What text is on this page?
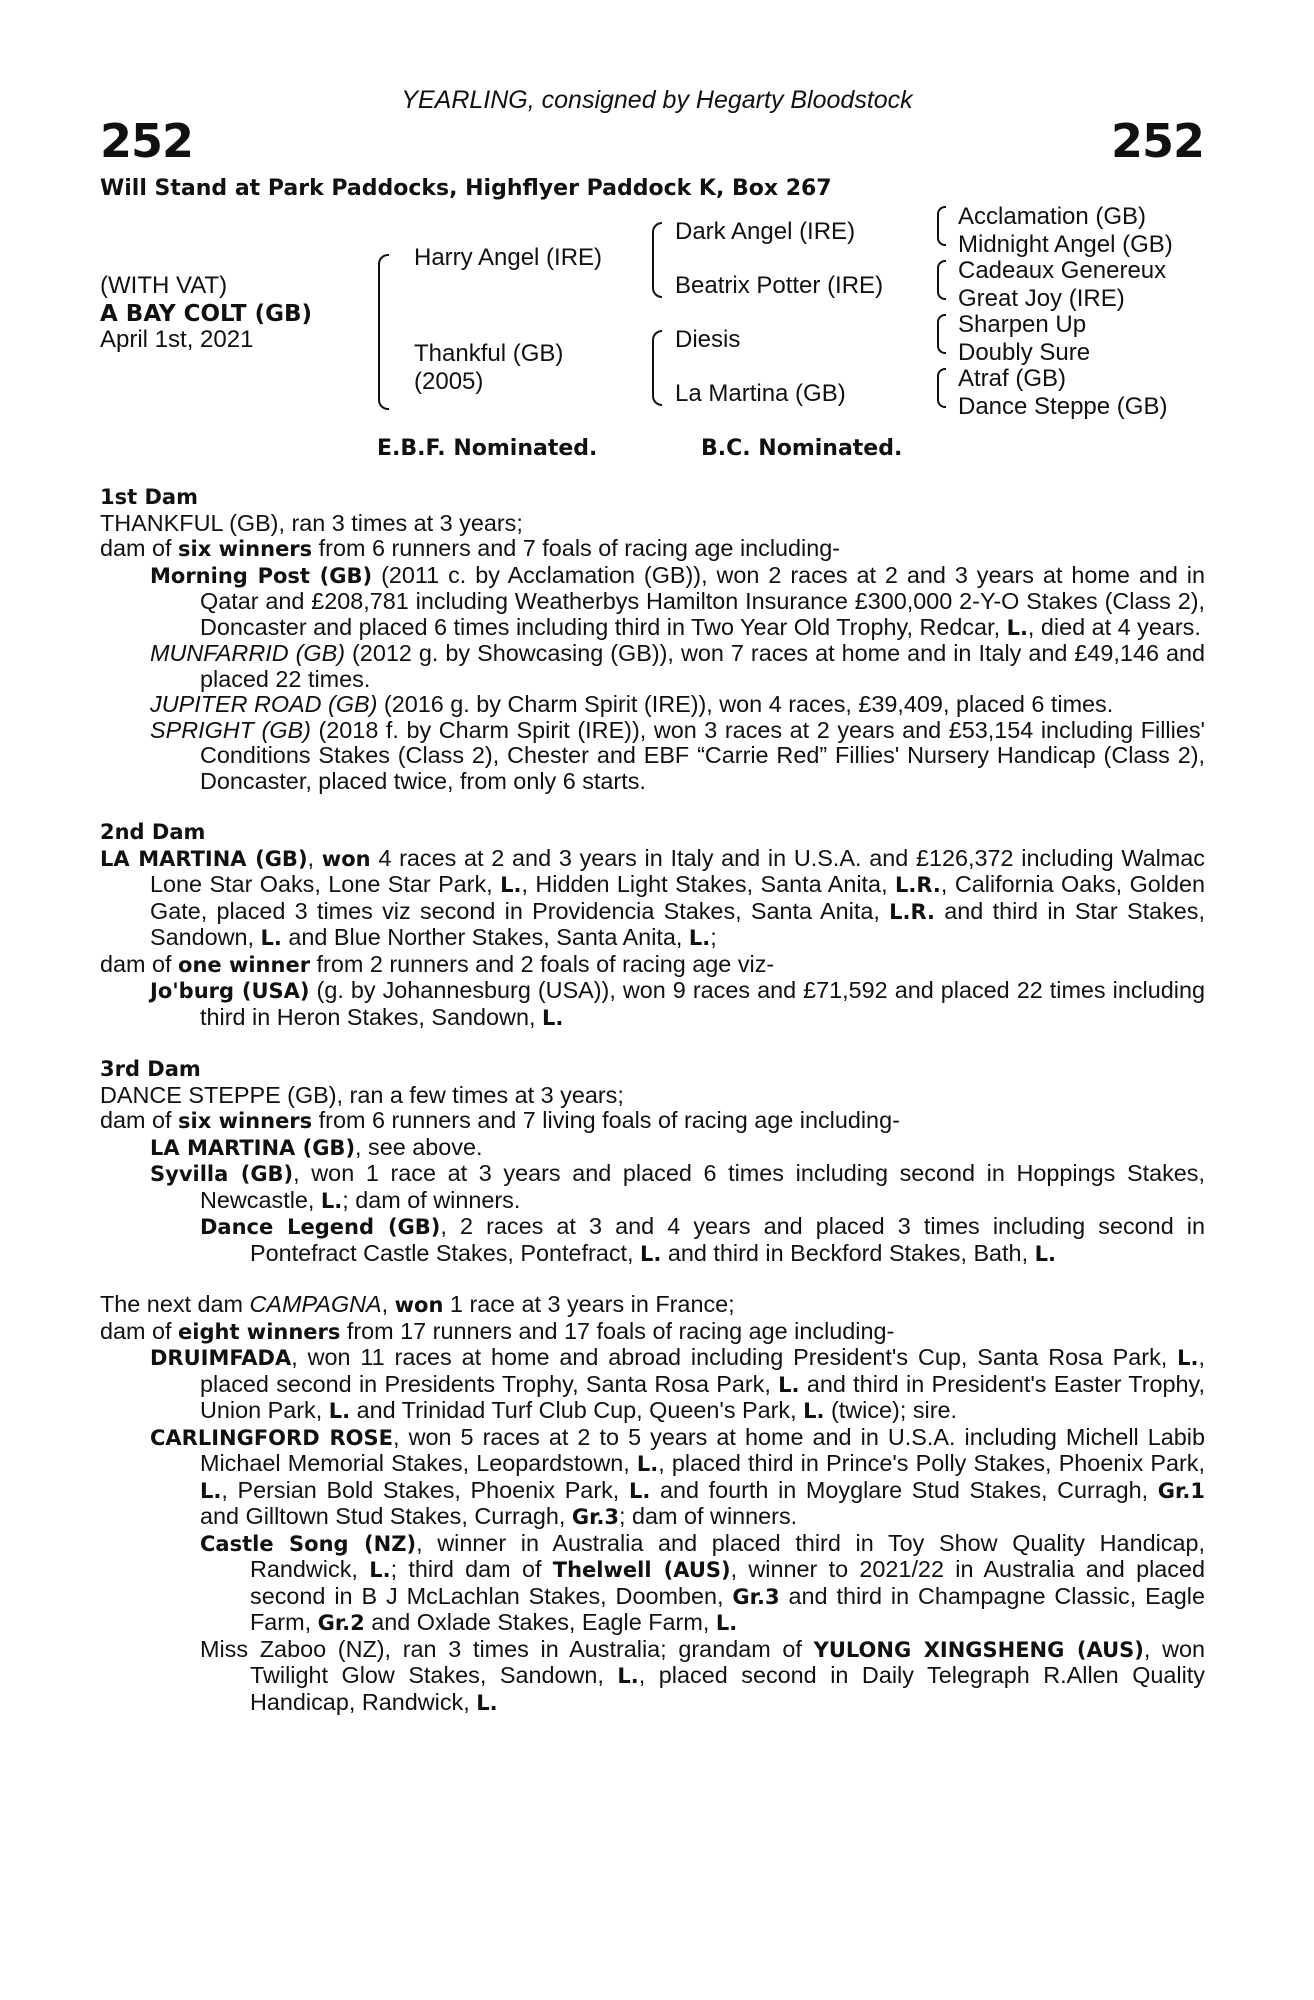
YEARLING, consigned by Hegarty Bloodstock
252	252
Will Stand at Park Paddocks, Highflyer Paddock K, Box 267
(WITH VAT)
A BAY COLT (GB)
April 1st, 2021
Harry Angel (IRE)
Thankful (GB)
(2005)
Dark Angel (IRE)
Beatrix Potter (IRE)
Diesis
La Martina (GB)
Acclamation (GB)
Midnight Angel (GB)
Cadeaux Genereux
Great Joy (IRE)
Sharpen Up
Doubly Sure
Atraf (GB)
Dance Steppe (GB)
E.B.F. Nominated.	B.C. Nominated.

1st Dam

THANKFUL (GB), ran 3 times at 3 years;

dam of six winners from 6 runners and 7 foals of racing age including-

Morning Post (GB) (2011 c. by Acclamation (GB)), won 2 races at 2 and 3 years at home and in Qatar and £208,781 including Weatherbys Hamilton Insurance £300,000 2-Y-O Stakes (Class 2), Doncaster and placed 6 times including third in Two Year Old Trophy, Redcar, L., died at 4 years.

MUNFARRID (GB) (2012 g. by Showcasing (GB)), won 7 races at home and in Italy and £49,146 and placed 22 times.

JUPITER ROAD (GB) (2016 g. by Charm Spirit (IRE)), won 4 races, £39,409, placed 6 times.

SPRIGHT (GB) (2018 f. by Charm Spirit (IRE)), won 3 races at 2 years and £53,154 including Fillies' Conditions Stakes (Class 2), Chester and EBF “Carrie Red” Fillies' Nursery Handicap (Class 2), Doncaster, placed twice, from only 6 starts.

2nd Dam

LA MARTINA (GB), won 4 races at 2 and 3 years in Italy and in U.S.A. and £126,372 including Walmac Lone Star Oaks, Lone Star Park, L., Hidden Light Stakes, Santa Anita, L.R., California Oaks, Golden Gate, placed 3 times viz second in Providencia Stakes, Santa Anita, L.R. and third in Star Stakes, Sandown, L. and Blue Norther Stakes, Santa Anita, L.;

dam of one winner from 2 runners and 2 foals of racing age viz-

Jo'burg (USA) (g. by Johannesburg (USA)), won 9 races and £71,592 and placed 22 times including third in Heron Stakes, Sandown, L.

3rd Dam

DANCE STEPPE (GB), ran a few times at 3 years;

dam of six winners from 6 runners and 7 living foals of racing age including-

LA MARTINA (GB), see above.

Syvilla (GB), won 1 race at 3 years and placed 6 times including second in Hoppings Stakes, Newcastle, L.; dam of winners.

Dance Legend (GB), 2 races at 3 and 4 years and placed 3 times including second in Pontefract Castle Stakes, Pontefract, L. and third in Beckford Stakes, Bath, L.

The next dam CAMPAGNA, won 1 race at 3 years in France;

dam of eight winners from 17 runners and 17 foals of racing age including-

DRUIMFADA, won 11 races at home and abroad including President's Cup, Santa Rosa Park, L., placed second in Presidents Trophy, Santa Rosa Park, L. and third in President's Easter Trophy, Union Park, L. and Trinidad Turf Club Cup, Queen's Park, L. (twice); sire.

CARLINGFORD ROSE, won 5 races at 2 to 5 years at home and in U.S.A. including Michell Labib Michael Memorial Stakes, Leopardstown, L., placed third in Prince's Polly Stakes, Phoenix Park, L., Persian Bold Stakes, Phoenix Park, L. and fourth in Moyglare Stud Stakes, Curragh, Gr.1 and Gilltown Stud Stakes, Curragh, Gr.3; dam of winners.

Castle Song (NZ), winner in Australia and placed third in Toy Show Quality Handicap, Randwick, L.; third dam of Thelwell (AUS), winner to 2021/22 in Australia and placed second in B J McLachlan Stakes, Doomben, Gr.3 and third in Champagne Classic, Eagle Farm, Gr.2 and Oxlade Stakes, Eagle Farm, L.

Miss Zaboo (NZ), ran 3 times in Australia; grandam of YULONG XINGSHENG (AUS), won Twilight Glow Stakes, Sandown, L., placed second in Daily Telegraph R.Allen Quality Handicap, Randwick, L.
